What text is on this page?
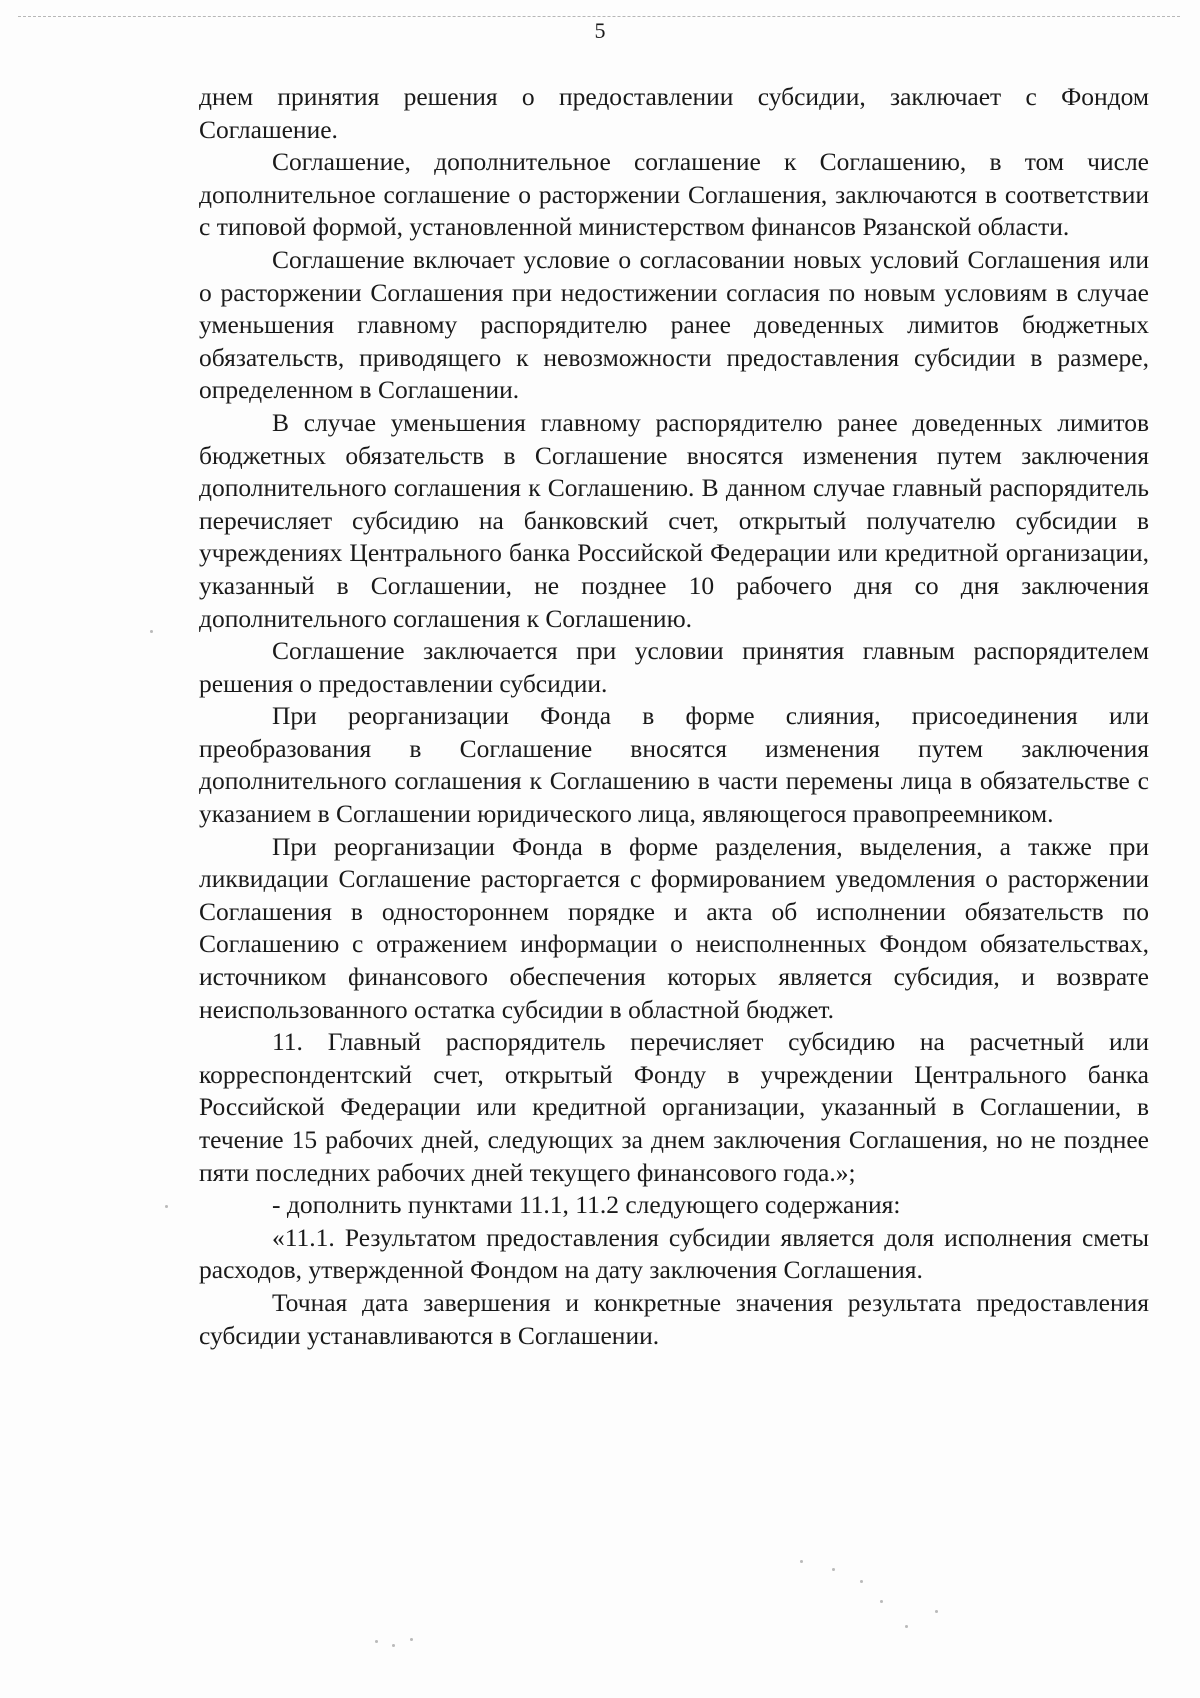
5

днем принятия решения о предоставлении субсидии, заключает с Фондом Соглашение.

Соглашение, дополнительное соглашение к Соглашению, в том числе дополнительное соглашение о расторжении Соглашения, заключаются в соответствии с типовой формой, установленной министерством финансов Рязанской области.

Соглашение включает условие о согласовании новых условий Соглашения или о расторжении Соглашения при недостижении согласия по новым условиям в случае уменьшения главному распорядителю ранее доведенных лимитов бюджетных обязательств, приводящего к невозможности предоставления субсидии в размере, определенном в Соглашении.

В случае уменьшения главному распорядителю ранее доведенных лимитов бюджетных обязательств в Соглашение вносятся изменения путем заключения дополнительного соглашения к Соглашению. В данном случае главный распорядитель перечисляет субсидию на банковский счет, открытый получателю субсидии в учреждениях Центрального банка Российской Федерации или кредитной организации, указанный в Соглашении, не позднее 10 рабочего дня со дня заключения дополнительного соглашения к Соглашению.

Соглашение заключается при условии принятия главным распорядителем решения о предоставлении субсидии.

При реорганизации Фонда в форме слияния, присоединения или преобразования в Соглашение вносятся изменения путем заключения дополнительного соглашения к Соглашению в части перемены лица в обязательстве с указанием в Соглашении юридического лица, являющегося правопреемником.

При реорганизации Фонда в форме разделения, выделения, а также при ликвидации Соглашение расторгается с формированием уведомления о расторжении Соглашения в одностороннем порядке и акта об исполнении обязательств по Соглашению с отражением информации о неисполненных Фондом обязательствах, источником финансового обеспечения которых является субсидия, и возврате неиспользованного остатка субсидии в областной бюджет.

11. Главный распорядитель перечисляет субсидию на расчетный или корреспондентский счет, открытый Фонду в учреждении Центрального банка Российской Федерации или кредитной организации, указанный в Соглашении, в течение 15 рабочих дней, следующих за днем заключения Соглашения, но не позднее пяти последних рабочих дней текущего финансового года.»;

- дополнить пунктами 11.1, 11.2 следующего содержания:

«11.1. Результатом предоставления субсидии является доля исполнения сметы расходов, утвержденной Фондом на дату заключения Соглашения.

Точная дата завершения и конкретные значения результата предоставления субсидии устанавливаются в Соглашении.
